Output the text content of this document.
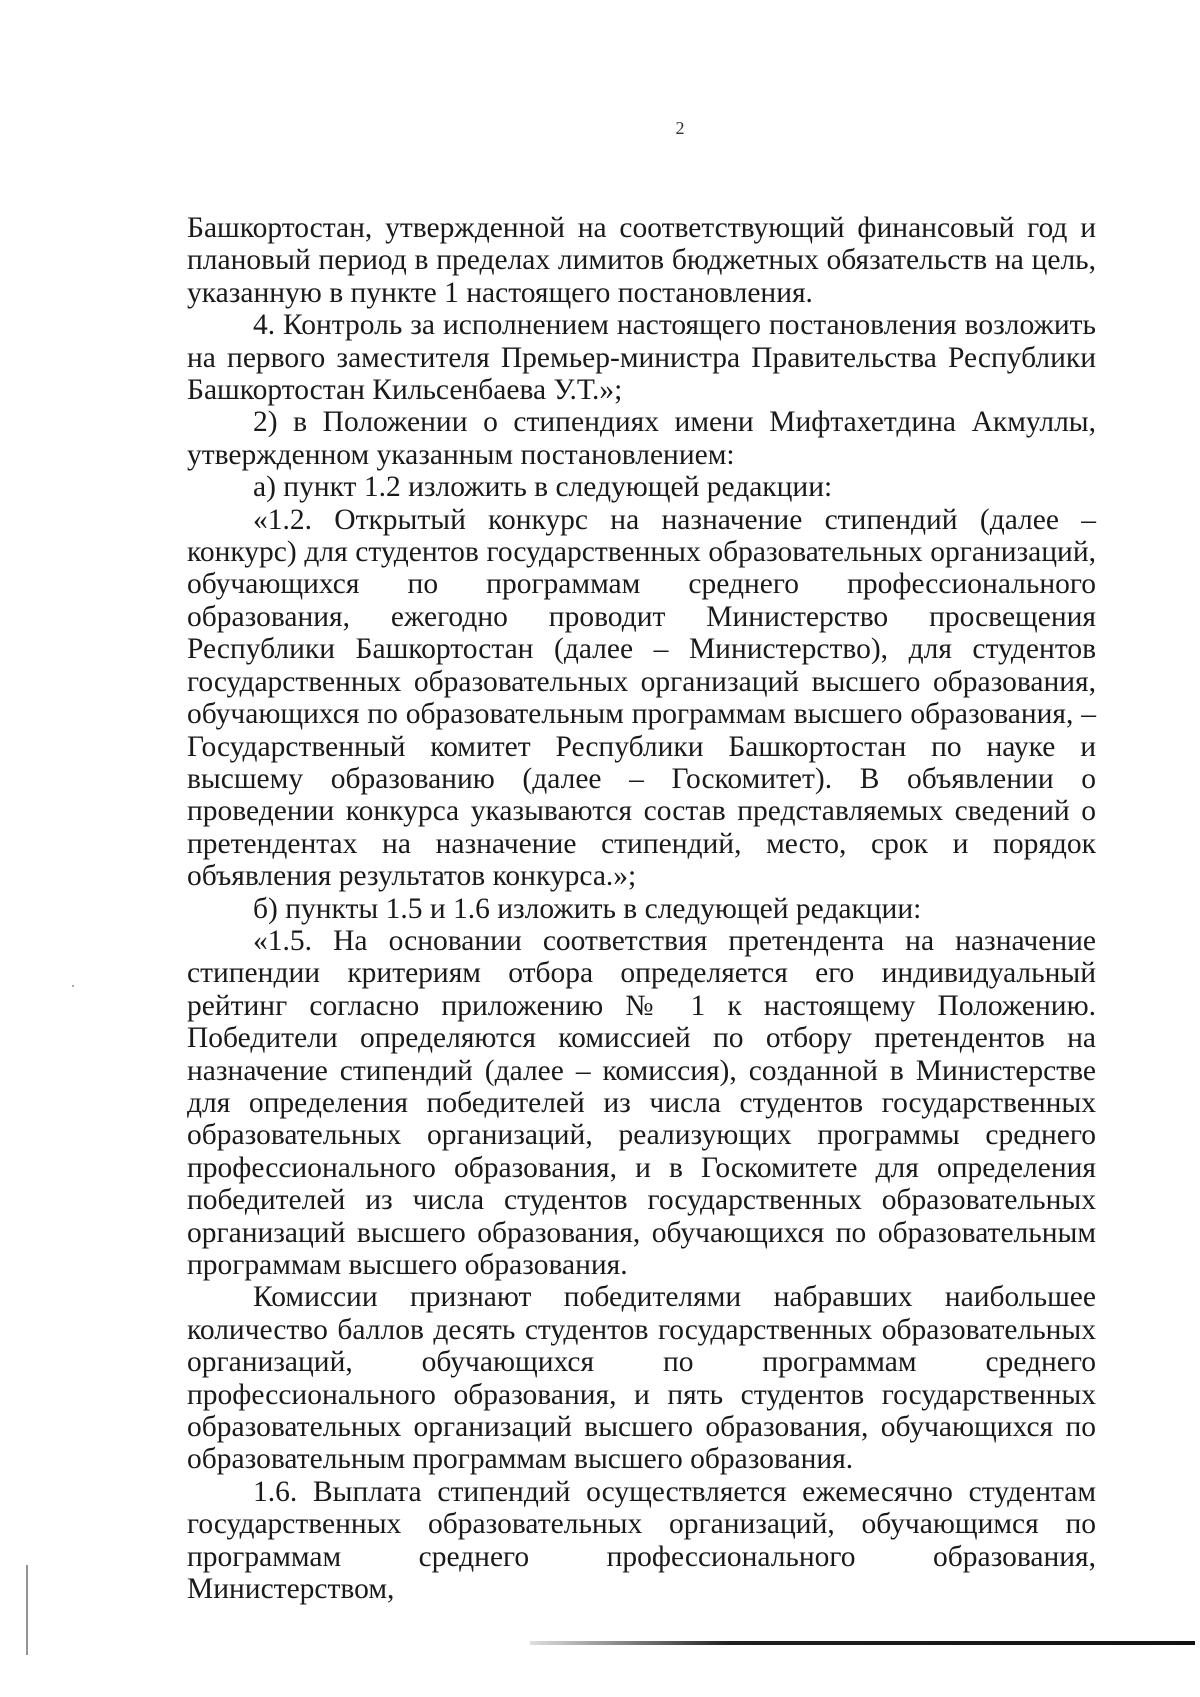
2

Башкортостан, утвержденной на соответствующий финансовый год и плановый период в пределах лимитов бюджетных обязательств на цель, указанную в пункте 1 настоящего постановления.

4. Контроль за исполнением настоящего постановления возложить на первого заместителя Премьер-министра Правительства Республики Башкортостан Кильсенбаева У.Т.»;

2) в Положении о стипендиях имени Мифтахетдина Акмуллы, утвержденном указанным постановлением:

а) пункт 1.2 изложить в следующей редакции:

«1.2. Открытый конкурс на назначение стипендий (далее – конкурс) для студентов государственных образовательных организаций, обучающихся по программам среднего профессионального образования, ежегодно проводит Министерство просвещения Республики Башкортостан (далее – Министерство), для студентов государственных образовательных организаций высшего образования, обучающихся по образовательным программам высшего образования, – Государственный комитет Республики Башкортостан по науке и высшему образованию (далее – Госкомитет). В объявлении о проведении конкурса указываются состав представляемых сведений о претендентах на назначение стипендий, место, срок и порядок объявления результатов конкурса.»;

б) пункты 1.5 и 1.6 изложить в следующей редакции:

«1.5. На основании соответствия претендента на назначение стипендии критериям отбора определяется его индивидуальный рейтинг согласно приложению № 1 к настоящему Положению. Победители определяются комиссией по отбору претендентов на назначение стипендий (далее – комиссия), созданной в Министерстве для определения победителей из числа студентов государственных образовательных организаций, реализующих программы среднего профессионального образования, и в Госкомитете для определения победителей из числа студентов государственных образовательных организаций высшего образования, обучающихся по образовательным программам высшего образования.

Комиссии признают победителями набравших наибольшее количество баллов десять студентов государственных образовательных организаций, обучающихся по программам среднего профессионального образования, и пять студентов государственных образовательных организаций высшего образования, обучающихся по образовательным программам высшего образования.

1.6. Выплата стипендий осуществляется ежемесячно студентам государственных образовательных организаций, обучающимся по программам среднего профессионального образования, Министерством,
